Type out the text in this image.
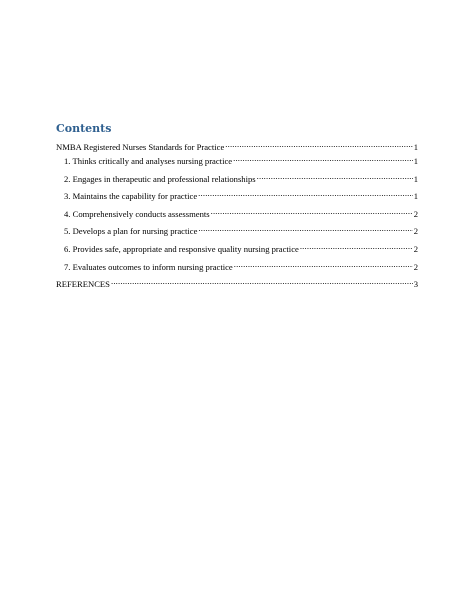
Contents
NMBA Registered Nurses Standards for Practice .....	1
1. Thinks critically and analyses nursing practice .....	1
2. Engages in therapeutic and professional relationships .....	1
3. Maintains the capability for practice .....	1
4. Comprehensively conducts assessments .....	2
5. Develops a plan for nursing practice .....	2
6. Provides safe, appropriate and responsive quality nursing practice .....	2
7. Evaluates outcomes to inform nursing practice .....	2
REFERENCES .....	3
